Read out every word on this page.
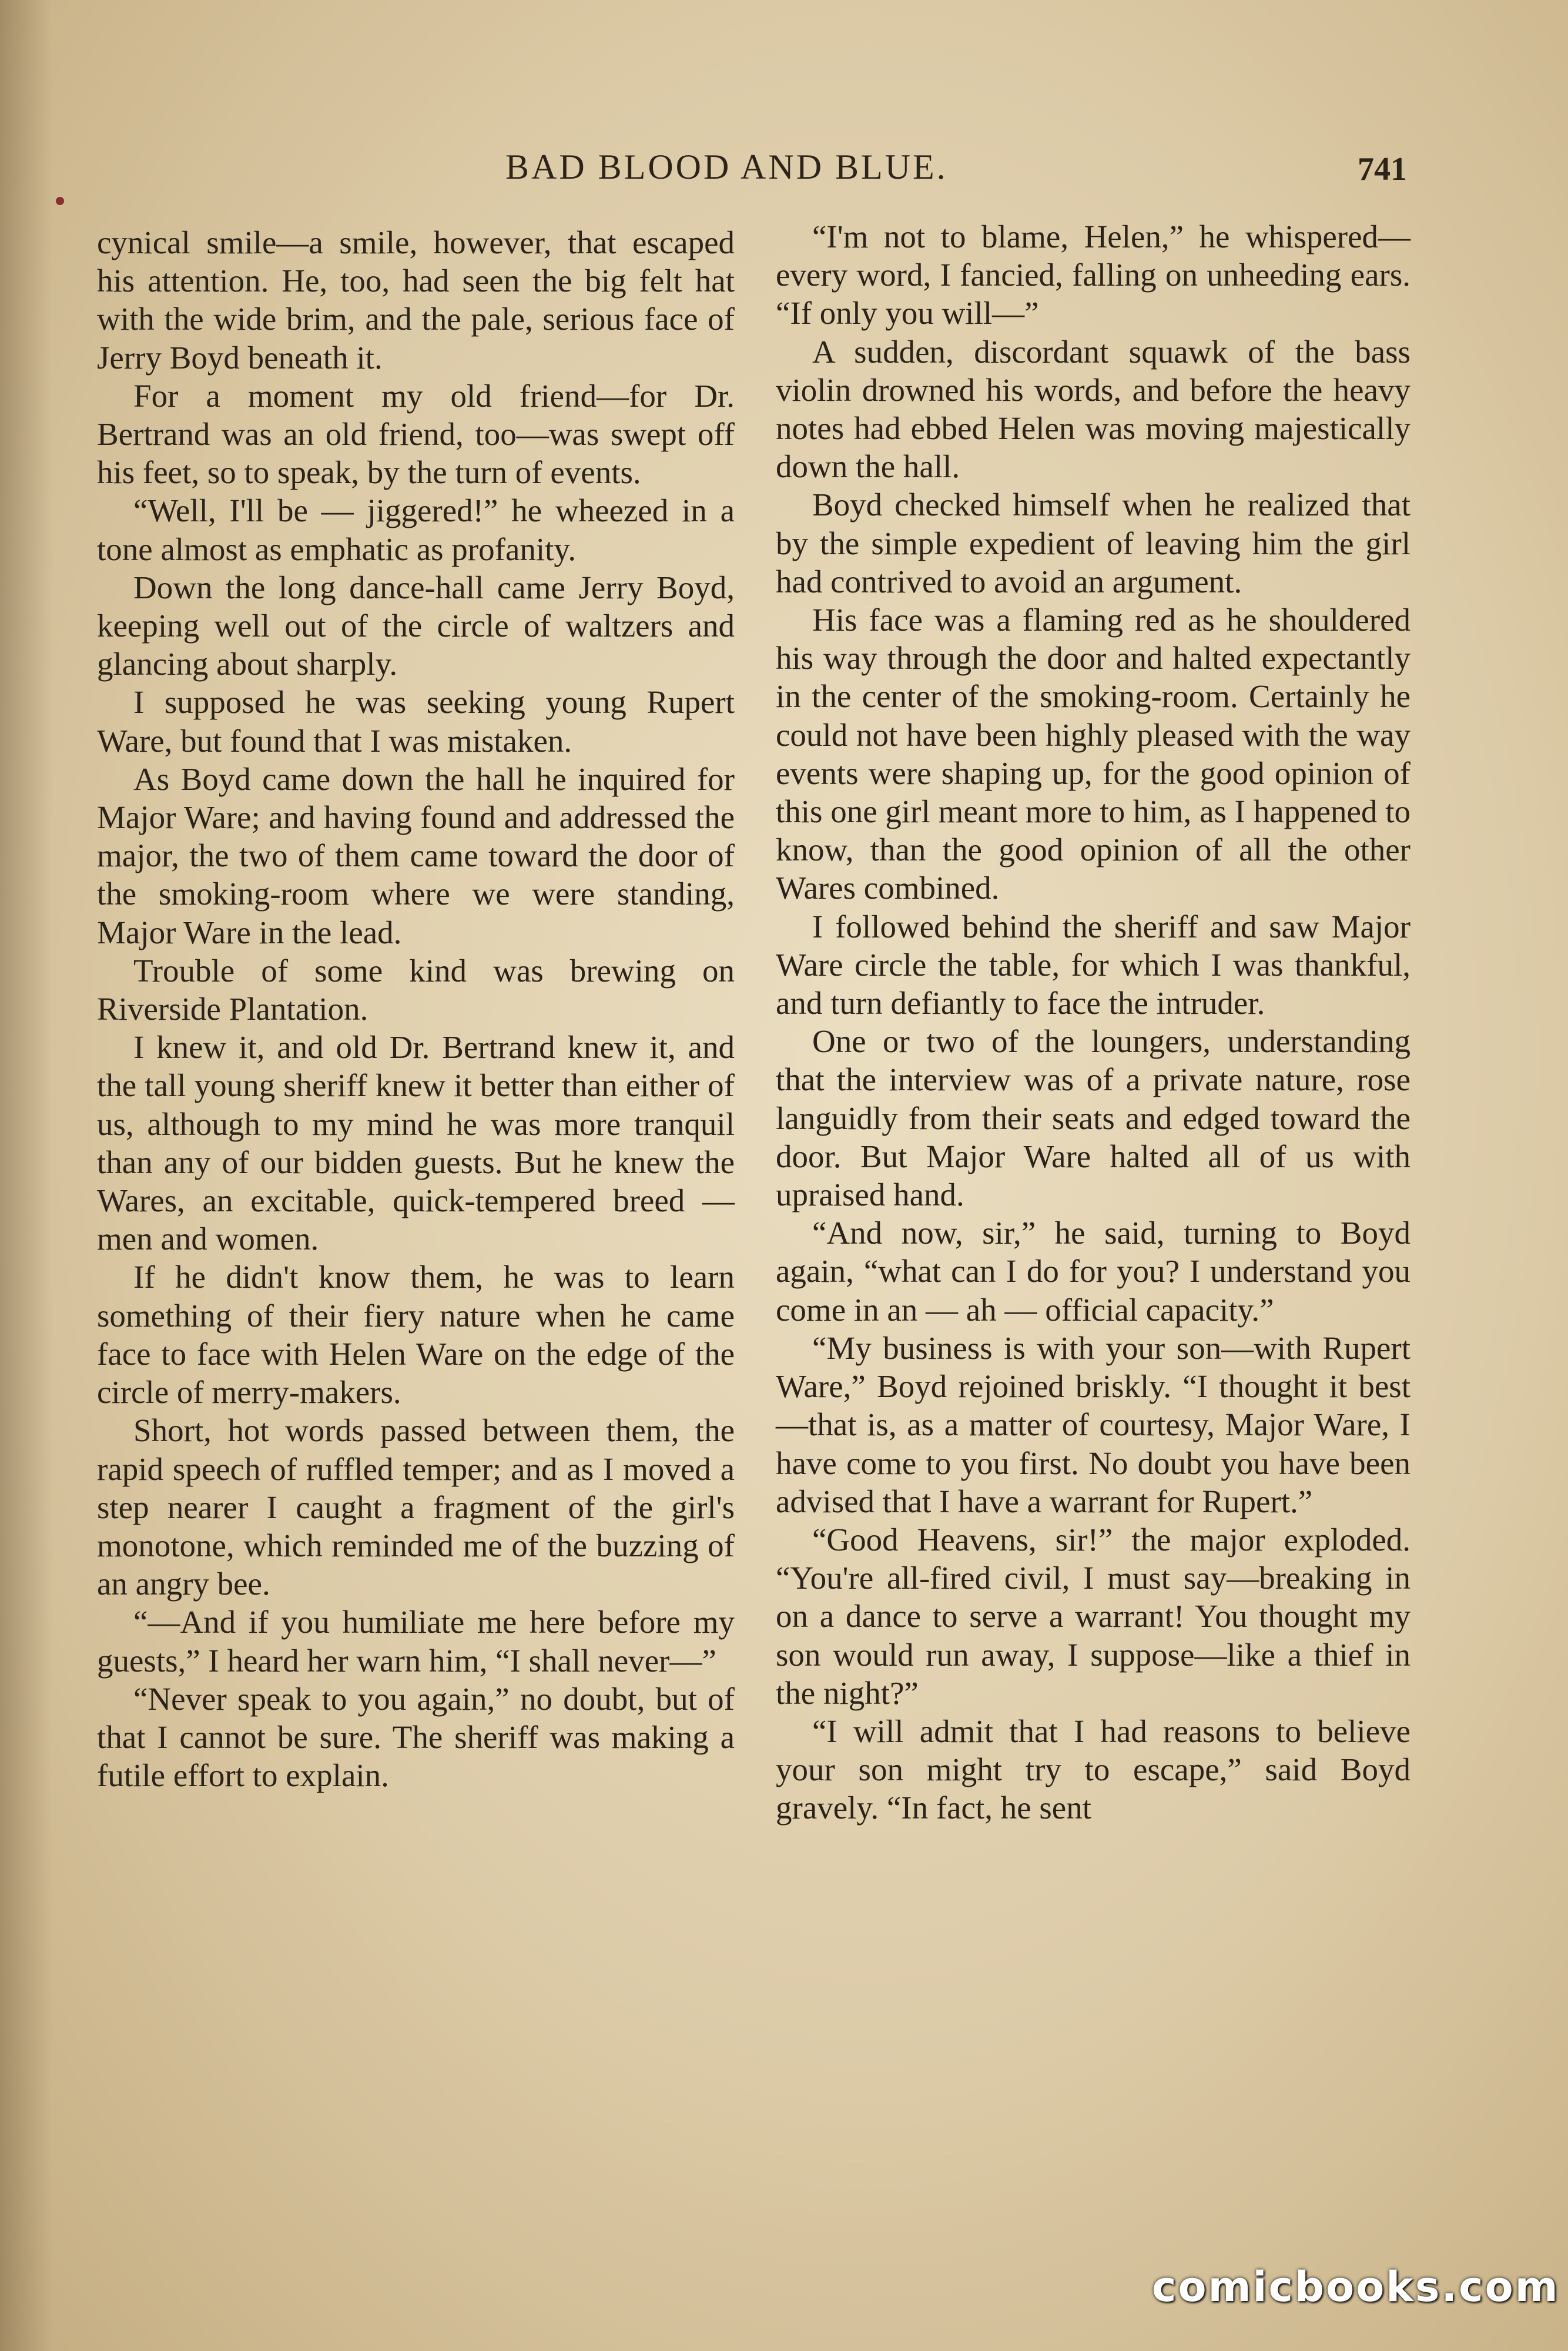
BAD BLOOD AND BLUE.	741

cynical smile—a smile, however, that escaped his attention. He, too, had seen the big felt hat with the wide brim, and the pale, serious face of Jerry Boyd beneath it.

For a moment my old friend—for Dr. Bertrand was an old friend, too—was swept off his feet, so to speak, by the turn of events.

“Well, I'll be — jiggered!” he wheezed in a tone almost as emphatic as profanity.

Down the long dance-hall came Jerry Boyd, keeping well out of the circle of waltzers and glancing about sharply.

I supposed he was seeking young Rupert Ware, but found that I was mistaken.

As Boyd came down the hall he inquired for Major Ware; and having found and addressed the major, the two of them came toward the door of the smoking-room where we were standing, Major Ware in the lead.

Trouble of some kind was brewing on Riverside Plantation.

I knew it, and old Dr. Bertrand knew it, and the tall young sheriff knew it better than either of us, although to my mind he was more tranquil than any of our bidden guests. But he knew the Wares, an excitable, quick-tempered breed — men and women.

If he didn't know them, he was to learn something of their fiery nature when he came face to face with Helen Ware on the edge of the circle of merry-makers.

Short, hot words passed between them, the rapid speech of ruffled temper; and as I moved a step nearer I caught a fragment of the girl's monotone, which reminded me of the buzzing of an angry bee.

“—And if you humiliate me here before my guests,” I heard her warn him, “I shall never—”

“Never speak to you again,” no doubt, but of that I cannot be sure. The sheriff was making a futile effort to explain.

“I'm not to blame, Helen,” he whispered—every word, I fancied, falling on unheeding ears. “If only you will—”

A sudden, discordant squawk of the bass violin drowned his words, and before the heavy notes had ebbed Helen was moving majestically down the hall.

Boyd checked himself when he realized that by the simple expedient of leaving him the girl had contrived to avoid an argument.

His face was a flaming red as he shouldered his way through the door and halted expectantly in the center of the smoking-room. Certainly he could not have been highly pleased with the way events were shaping up, for the good opinion of this one girl meant more to him, as I happened to know, than the good opinion of all the other Wares combined.

I followed behind the sheriff and saw Major Ware circle the table, for which I was thankful, and turn defiantly to face the intruder.

One or two of the loungers, understanding that the interview was of a private nature, rose languidly from their seats and edged toward the door. But Major Ware halted all of us with upraised hand.

“And now, sir,” he said, turning to Boyd again, “what can I do for you? I understand you come in an — ah — official capacity.”

“My business is with your son—with Rupert Ware,” Boyd rejoined briskly. “I thought it best—that is, as a matter of courtesy, Major Ware, I have come to you first. No doubt you have been advised that I have a warrant for Rupert.”

“Good Heavens, sir!” the major exploded. “You're all-fired civil, I must say—breaking in on a dance to serve a warrant! You thought my son would run away, I suppose—like a thief in the night?”

“I will admit that I had reasons to believe your son might try to escape,” said Boyd gravely. “In fact, he sent

comicbooks.com
